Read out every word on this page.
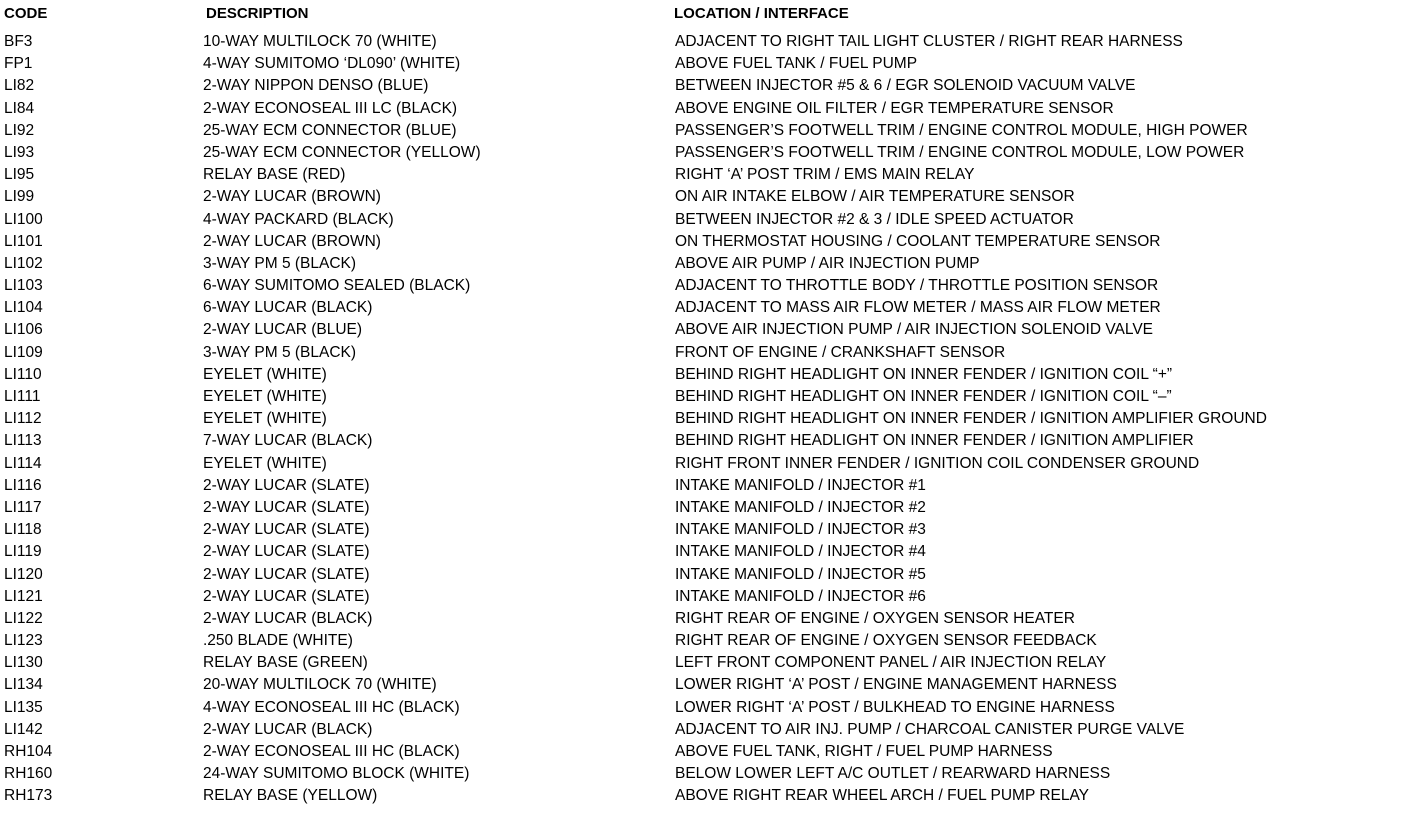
CODE	DESCRIPTION	LOCATION / INTERFACE
BF3	10-WAY MULTILOCK 70 (WHITE)	ADJACENT TO RIGHT TAIL LIGHT CLUSTER / RIGHT REAR HARNESS
FP1	4-WAY SUMITOMO ‘DL090’ (WHITE)	ABOVE FUEL TANK / FUEL PUMP
LI82	2-WAY NIPPON DENSO (BLUE)	BETWEEN INJECTOR #5 & 6 / EGR SOLENOID VACUUM VALVE
LI84	2-WAY ECONOSEAL III LC (BLACK)	ABOVE ENGINE OIL FILTER / EGR TEMPERATURE SENSOR
LI92	25-WAY ECM CONNECTOR (BLUE)	PASSENGER’S FOOTWELL TRIM / ENGINE CONTROL MODULE, HIGH POWER
LI93	25-WAY ECM CONNECTOR (YELLOW)	PASSENGER’S FOOTWELL TRIM / ENGINE CONTROL MODULE, LOW POWER
LI95	RELAY BASE (RED)	RIGHT ‘A’ POST TRIM / EMS MAIN RELAY
LI99	2-WAY LUCAR (BROWN)	ON AIR INTAKE ELBOW / AIR TEMPERATURE SENSOR
LI100	4-WAY PACKARD (BLACK)	BETWEEN INJECTOR #2 & 3 / IDLE SPEED ACTUATOR
LI101	2-WAY LUCAR (BROWN)	ON THERMOSTAT HOUSING / COOLANT TEMPERATURE SENSOR
LI102	3-WAY PM 5 (BLACK)	ABOVE AIR PUMP / AIR INJECTION PUMP
LI103	6-WAY SUMITOMO SEALED (BLACK)	ADJACENT TO THROTTLE BODY / THROTTLE POSITION SENSOR
LI104	6-WAY LUCAR (BLACK)	ADJACENT TO MASS AIR FLOW METER / MASS AIR FLOW METER
LI106	2-WAY LUCAR (BLUE)	ABOVE AIR INJECTION PUMP / AIR INJECTION SOLENOID VALVE
LI109	3-WAY PM 5 (BLACK)	FRONT OF ENGINE / CRANKSHAFT SENSOR
LI110	EYELET (WHITE)	BEHIND RIGHT HEADLIGHT ON INNER FENDER / IGNITION COIL “+”
LI111	EYELET (WHITE)	BEHIND RIGHT HEADLIGHT ON INNER FENDER / IGNITION COIL “–”
LI112	EYELET (WHITE)	BEHIND RIGHT HEADLIGHT ON INNER FENDER / IGNITION AMPLIFIER GROUND
LI113	7-WAY LUCAR (BLACK)	BEHIND RIGHT HEADLIGHT ON INNER FENDER / IGNITION AMPLIFIER
LI114	EYELET (WHITE)	RIGHT FRONT INNER FENDER / IGNITION COIL CONDENSER GROUND
LI116	2-WAY LUCAR (SLATE)	INTAKE MANIFOLD / INJECTOR #1
LI117	2-WAY LUCAR (SLATE)	INTAKE MANIFOLD / INJECTOR #2
LI118	2-WAY LUCAR (SLATE)	INTAKE MANIFOLD / INJECTOR #3
LI119	2-WAY LUCAR (SLATE)	INTAKE MANIFOLD / INJECTOR #4
LI120	2-WAY LUCAR (SLATE)	INTAKE MANIFOLD / INJECTOR #5
LI121	2-WAY LUCAR (SLATE)	INTAKE MANIFOLD / INJECTOR #6
LI122	2-WAY LUCAR (BLACK)	RIGHT REAR OF ENGINE / OXYGEN SENSOR HEATER
LI123	.250 BLADE (WHITE)	RIGHT REAR OF ENGINE / OXYGEN SENSOR FEEDBACK
LI130	RELAY BASE (GREEN)	LEFT FRONT COMPONENT PANEL / AIR INJECTION RELAY
LI134	20-WAY MULTILOCK 70 (WHITE)	LOWER RIGHT ‘A’ POST / ENGINE MANAGEMENT HARNESS
LI135	4-WAY ECONOSEAL III HC (BLACK)	LOWER RIGHT ‘A’ POST / BULKHEAD TO ENGINE HARNESS
LI142	2-WAY LUCAR (BLACK)	ADJACENT TO AIR INJ. PUMP / CHARCOAL CANISTER PURGE VALVE
RH104	2-WAY ECONOSEAL III HC (BLACK)	ABOVE FUEL TANK, RIGHT / FUEL PUMP HARNESS
RH160	24-WAY SUMITOMO BLOCK (WHITE)	BELOW LOWER LEFT A/C OUTLET / REARWARD HARNESS
RH173	RELAY BASE (YELLOW)	ABOVE RIGHT REAR WHEEL ARCH / FUEL PUMP RELAY
